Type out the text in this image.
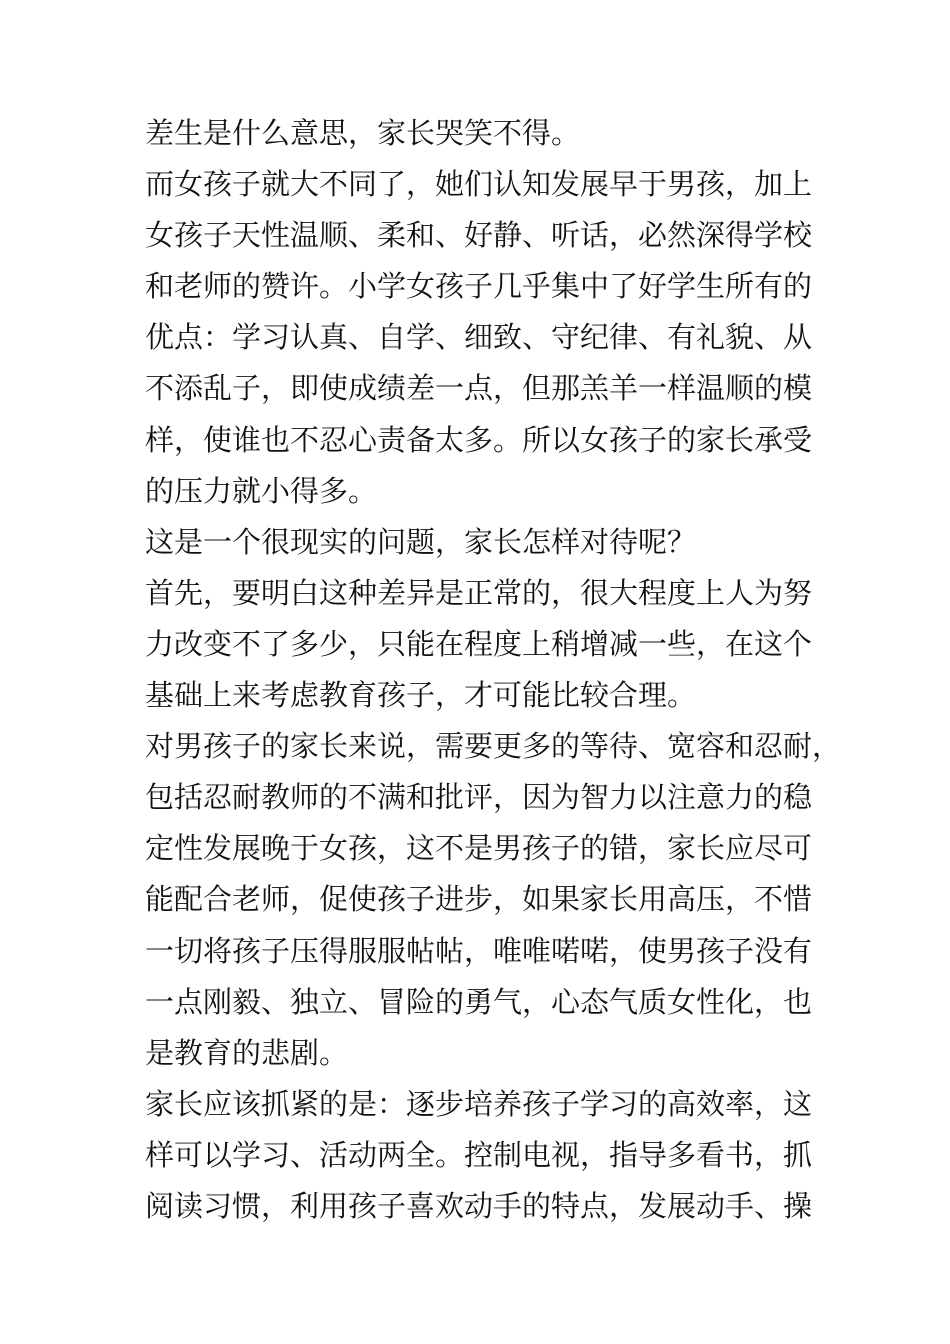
差生是什么意思，家长哭笑不得。
而女孩子就大不同了，她们认知发展早于男孩，加上
女孩子天性温顺、柔和、好静、听话，必然深得学校
和老师的赞许。小学女孩子几乎集中了好学生所有的
优点：学习认真、自学、细致、守纪律、有礼貌、从
不添乱子，即使成绩差一点，但那羔羊一样温顺的模
样，使谁也不忍心责备太多。所以女孩子的家长承受
的压力就小得多。
这是一个很现实的问题，家长怎样对待呢？
首先，要明白这种差异是正常的，很大程度上人为努
力改变不了多少，只能在程度上稍增减一些，在这个
基础上来考虑教育孩子，才可能比较合理。
对男孩子的家长来说，需要更多的等待、宽容和忍耐，
包括忍耐教师的不满和批评，因为智力以注意力的稳
定性发展晚于女孩，这不是男孩子的错，家长应尽可
能配合老师，促使孩子进步，如果家长用高压，不惜
一切将孩子压得服服帖帖，唯唯喏喏，使男孩子没有
一点刚毅、独立、冒险的勇气，心态气质女性化，也
是教育的悲剧。
家长应该抓紧的是：逐步培养孩子学习的高效率，这
样可以学习、活动两全。控制电视，指导多看书，抓
阅读习惯，利用孩子喜欢动手的特点，发展动手、操
